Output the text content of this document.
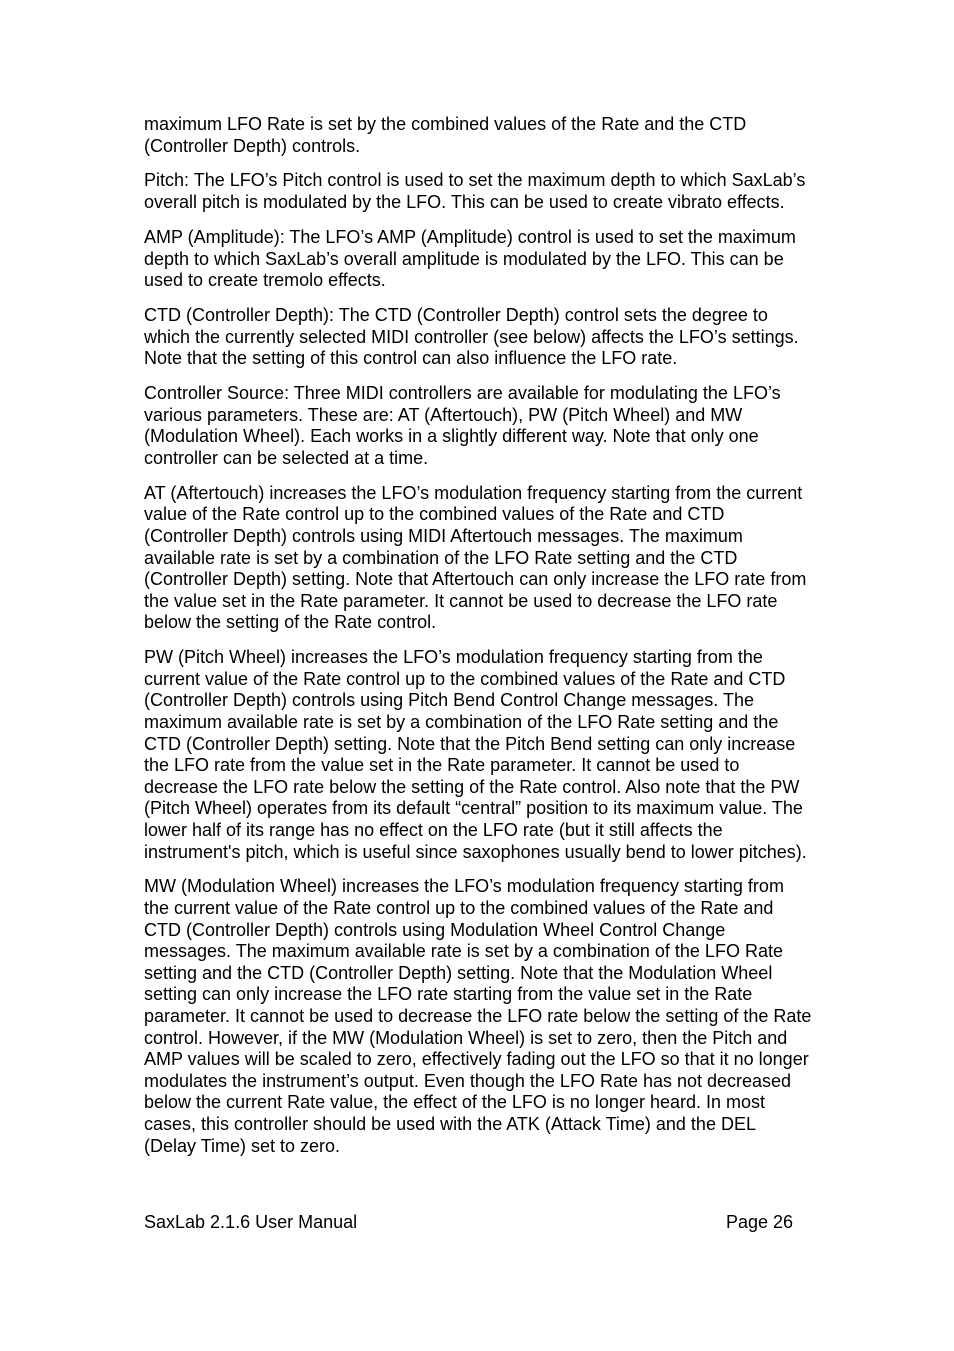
maximum LFO Rate is set by the combined values of the Rate and the CTD (Controller Depth) controls.

Pitch: The LFO’s Pitch control is used to set the maximum depth to which SaxLab’s overall pitch is modulated by the LFO. This can be used to create vibrato effects.

AMP (Amplitude): The LFO’s AMP (Amplitude) control is used to set the maximum depth to which SaxLab’s overall amplitude is modulated by the LFO. This can be used to create tremolo effects.

CTD (Controller Depth): The CTD (Controller Depth) control sets the degree to which the currently selected MIDI controller (see below) affects the LFO’s settings. Note that the setting of this control can also influence the LFO rate.

Controller Source: Three MIDI controllers are available for modulating the LFO’s various parameters. These are: AT (Aftertouch), PW (Pitch Wheel) and MW (Modulation Wheel). Each works in a slightly different way. Note that only one controller can be selected at a time.

AT (Aftertouch) increases the LFO’s modulation frequency starting from the current value of the Rate control up to the combined values of the Rate and CTD (Controller Depth) controls using MIDI Aftertouch messages. The maximum available rate is set by a combination of the LFO Rate setting and the CTD (Controller Depth) setting. Note that Aftertouch can only increase the LFO rate from the value set in the Rate parameter. It cannot be used to decrease the LFO rate below the setting of the Rate control.

PW (Pitch Wheel) increases the LFO’s modulation frequency starting from the current value of the Rate control up to the combined values of the Rate and CTD (Controller Depth) controls using Pitch Bend Control Change messages. The maximum available rate is set by a combination of the LFO Rate setting and the CTD (Controller Depth) setting. Note that the Pitch Bend setting can only increase the LFO rate from the value set in the Rate parameter. It cannot be used to decrease the LFO rate below the setting of the Rate control. Also note that the PW (Pitch Wheel) operates from its default “central” position to its maximum value. The lower half of its range has no effect on the LFO rate (but it still affects the instrument's pitch, which is useful since saxophones usually bend to lower pitches).

MW (Modulation Wheel) increases the LFO’s modulation frequency starting from the current value of the Rate control up to the combined values of the Rate and CTD (Controller Depth) controls using Modulation Wheel Control Change messages. The maximum available rate is set by a combination of the LFO Rate setting and the CTD (Controller Depth) setting. Note that the Modulation Wheel setting can only increase the LFO rate starting from the value set in the Rate parameter. It cannot be used to decrease the LFO rate below the setting of the Rate control. However, if the MW (Modulation Wheel) is set to zero, then the Pitch and AMP values will be scaled to zero, effectively fading out the LFO so that it no longer modulates the instrument’s output. Even though the LFO Rate has not decreased below the current Rate value, the effect of the LFO is no longer heard. In most cases, this controller should be used with the ATK (Attack Time) and the DEL (Delay Time) set to zero.

SaxLab 2.1.6 User Manual	Page 26
